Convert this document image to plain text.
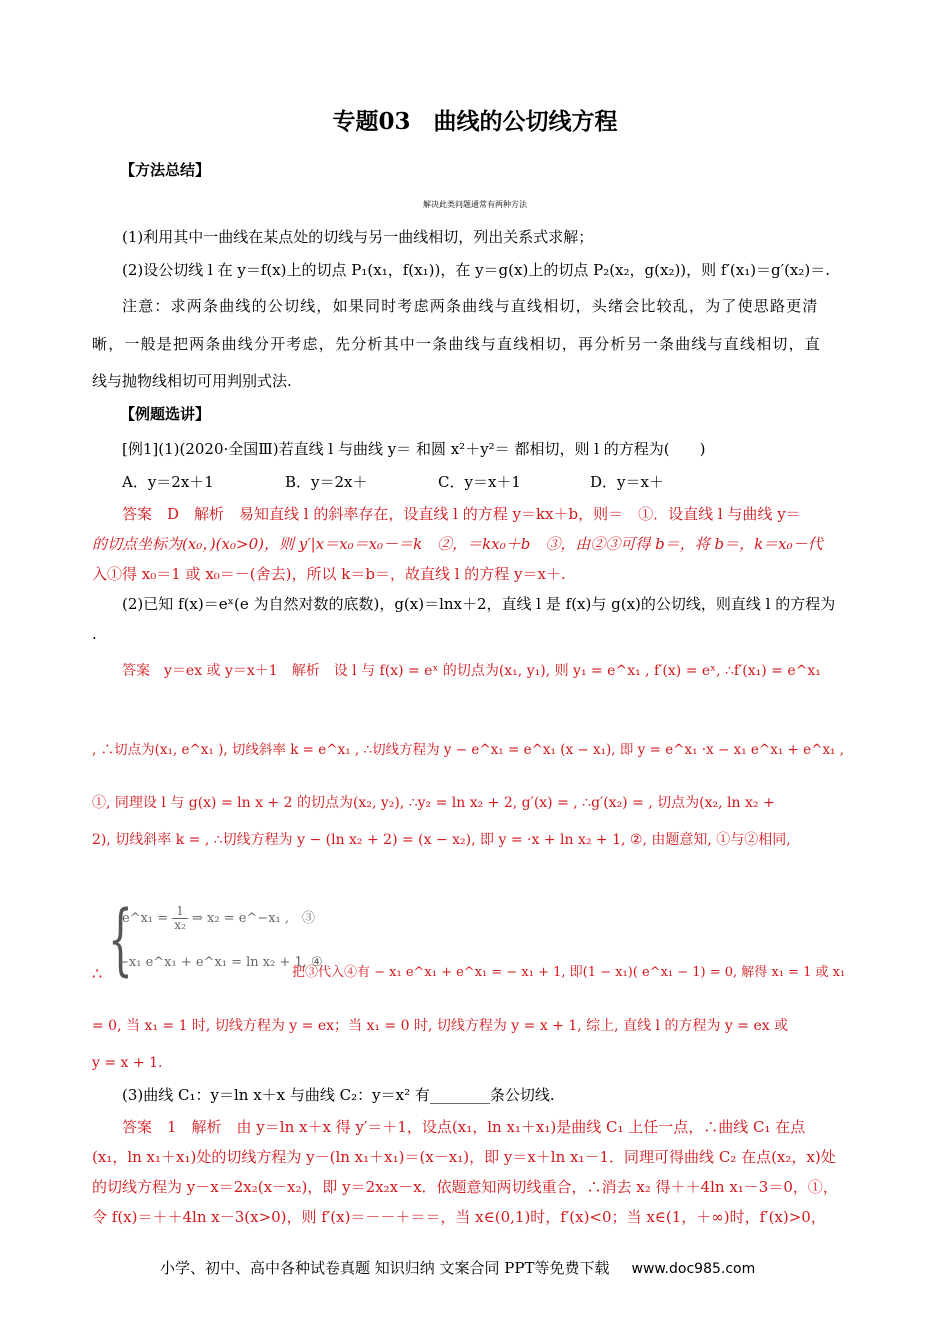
专题03　曲线的公切线方程
【方法总结】
解决此类问题通常有两种方法
(1)利用其中一曲线在某点处的切线与另一曲线相切，列出关系式求解；
(2)设公切线 l 在 y＝f(x)上的切点 P₁(x₁，f(x₁))，在 y＝g(x)上的切点 P₂(x₂，g(x₂))，则 f′(x₁)＝g′(x₂)＝.
注意：求两条曲线的公切线，如果同时考虑两条曲线与直线相切，头绪会比较乱，为了使思路更清
晰，一般是把两条曲线分开考虑，先分析其中一条曲线与直线相切，再分析另一条曲线与直线相切，直
线与抛物线相切可用判别式法.
【例题选讲】
[例1](1)(2020·全国Ⅲ)若直线 l 与曲线 y＝ 和圆 x²＋y²＝ 都相切，则 l 的方程为(　　)
A．y＝2x＋1	B．y＝2x＋	C．y＝x＋1	D．y＝x＋
答案　D　解析　易知直线 l 的斜率存在，设直线 l 的方程 y＝kx＋b，则＝　①．设直线 l 与曲线 y＝
的切点坐标为(x₀，)(x₀>0)，则 y′|x＝x₀＝x₀－＝k　②，＝kx₀＋b　③，由②③可得 b＝，将 b＝，k＝x₀－代
入①得 x₀＝1 或 x₀＝－(舍去)，所以 k＝b＝，故直线 l 的方程 y＝x＋.
(2)已知 f(x)＝eˣ(e 为自然对数的底数)，g(x)＝lnx＋2，直线 l 是 f(x)与 g(x)的公切线，则直线 l 的方程为
.
答案　y＝ex 或 y＝x＋1　解析　设 l 与 f(x) = eˣ 的切点为(x₁, y₁), 则 y₁ = e^x₁ , f′(x) = eˣ, ∴f′(x₁) = e^x₁
, ∴切点为(x₁, e^x₁ ), 切线斜率 k = e^x₁ , ∴切线方程为 y − e^x₁ = e^x₁ (x − x₁), 即 y = e^x₁ ·x − x₁ e^x₁ + e^x₁ ,
①, 同理设 l 与 g(x) = ln x + 2 的切点为(x₂, y₂), ∴y₂ = ln x₂ + 2, g′(x) = , ∴g′(x₂) = , 切点为(x₂, ln x₂ +
2), 切线斜率 k = , ∴切线方程为 y − (ln x₂ + 2) = (x − x₂), 即 y = ·x + ln x₂ + 1, ②, 由题意知, ①与②相同,
{
e^x₁ = $\frac{1}{\text{x₂}}$ ⇒ x₂ = e^−x₁ ,　③
−x₁ e^x₁ + e^x₁ = ln x₂ + 1, ④
∴	把③代入④有 − x₁ e^x₁ + e^x₁ = − x₁ + 1, 即(1 − x₁)( e^x₁ − 1) = 0, 解得 x₁ = 1 或 x₁
= 0, 当 x₁ = 1 时, 切线方程为 y = ex；当 x₁ = 0 时, 切线方程为 y = x + 1, 综上, 直线 l 的方程为 y = ex 或
y = x + 1.
(3)曲线 C₁：y＝ln x＋x 与曲线 C₂：y＝x² 有________条公切线.
答案　1　解析　由 y＝ln x＋x 得 y′＝＋1，设点(x₁，ln x₁＋x₁)是曲线 C₁ 上任一点，∴曲线 C₁ 在点
(x₁，ln x₁＋x₁)处的切线方程为 y－(ln x₁＋x₁)＝(x－x₁)，即 y＝x＋ln x₁－1．同理可得曲线 C₂ 在点(x₂，x)处
的切线方程为 y－x＝2x₂(x－x₂)，即 y＝2x₂x－x．依题意知两切线重合，∴消去 x₂ 得＋＋4ln x₁－3＝0，①，
令 f(x)＝＋＋4ln x－3(x>0)，则 f′(x)＝－－＋＝＝，当 x∈(0,1)时，f′(x)<0；当 x∈(1，＋∞)时，f′(x)>0，
小学、初中、高中各种试卷真题 知识归纳 文案合同 PPT等免费下载 www.doc985.com
